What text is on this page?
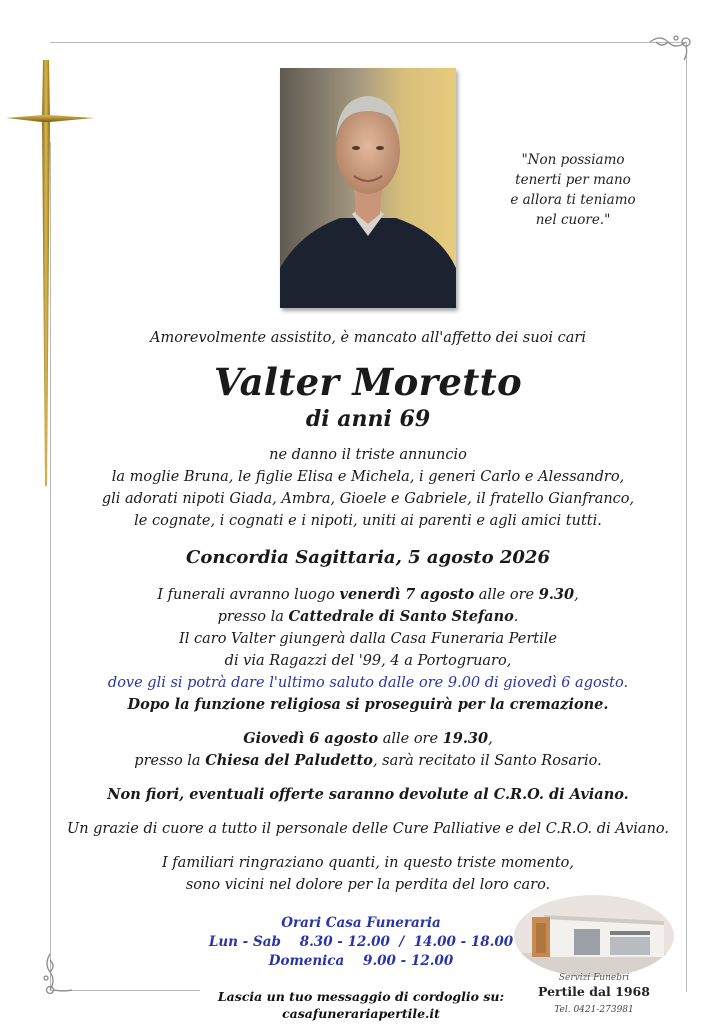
"Non possiamo
tenerti per mano
e allora ti teniamo
nel cuore."
Amorevolmente assistito, è mancato all'affetto dei suoi cari
Valter Moretto
di anni 69
ne danno il triste annuncio
la moglie Bruna, le figlie Elisa e Michela, i generi Carlo e Alessandro,
gli adorati nipoti Giada, Ambra, Gioele e Gabriele, il fratello Gianfranco,
le cognate, i cognati e i nipoti, uniti ai parenti e agli amici tutti.
Concordia Sagittaria, 5 agosto 2026
I funerali avranno luogo venerdì 7 agosto alle ore 9.30,
presso la Cattedrale di Santo Stefano.
Il caro Valter giungerà dalla Casa Funeraria Pertile
di via Ragazzi del '99, 4 a Portogruaro,
dove gli si potrà dare l'ultimo saluto dalle ore 9.00 di giovedì 6 agosto.
Dopo la funzione religiosa si proseguirà per la cremazione.
Giovedì 6 agosto alle ore 19.30,
presso la Chiesa del Paludetto, sarà recitato il Santo Rosario.
Non fiori, eventuali offerte saranno devolute al C.R.O. di Aviano.
Un grazie di cuore a tutto il personale delle Cure Palliative e del C.R.O. di Aviano.
I familiari ringraziano quanti, in questo triste momento,
sono vicini nel dolore per la perdita del loro caro.
Orari Casa Funeraria
Lun - Sab    8.30 - 12.00  /  14.00 - 18.00
Domenica    9.00 - 12.00
Lascia un tuo messaggio di cordoglio su:
casafunerariapertile.it
Servizi Funebri
Pertile dal 1968
Tel. 0421-273981
